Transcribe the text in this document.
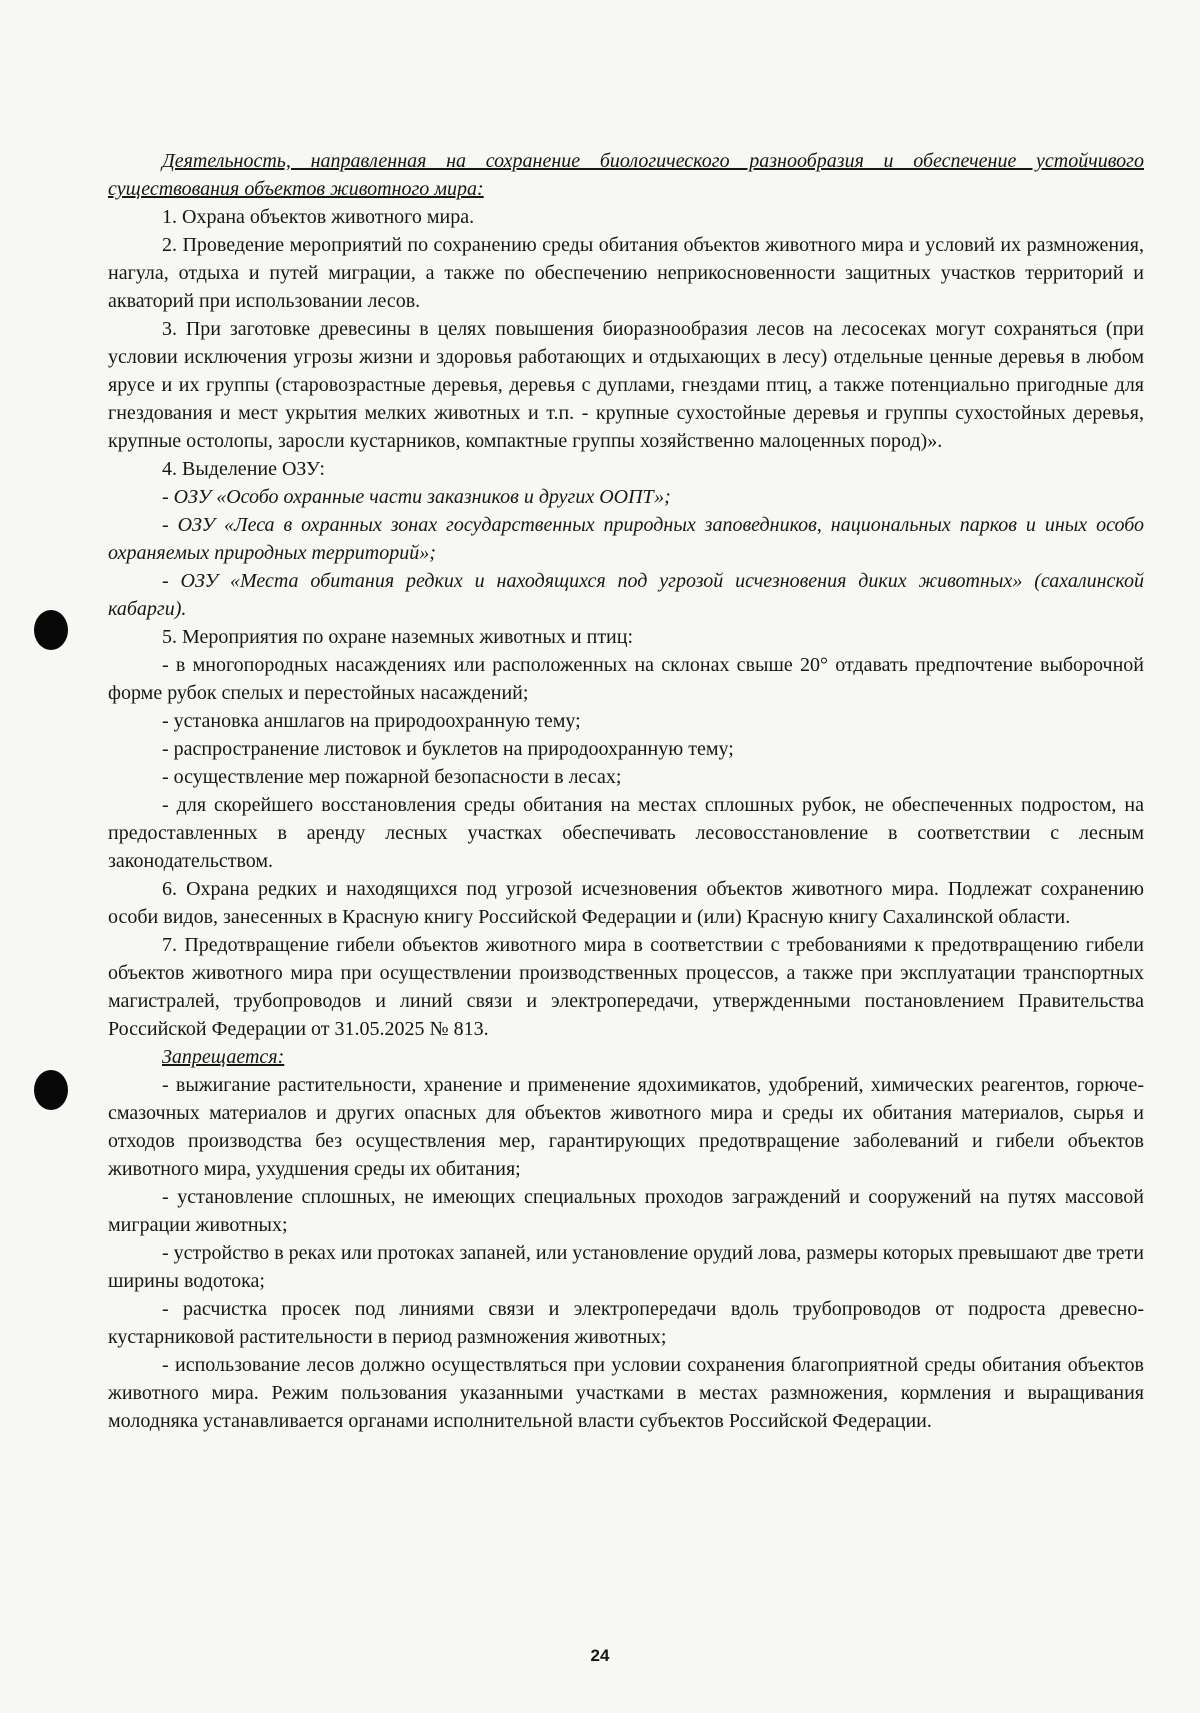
Деятельность, направленная на сохранение биологического разнообразия и обеспечение устойчивого существования объектов животного мира:

1. Охрана объектов животного мира.

2. Проведение мероприятий по сохранению среды обитания объектов животного мира и условий их размножения, нагула, отдыха и путей миграции, а также по обеспечению неприкосновенности защитных участков территорий и акваторий при использовании лесов.

3. При заготовке древесины в целях повышения биоразнообразия лесов на лесосеках могут сохраняться (при условии исключения угрозы жизни и здоровья работающих и отдыхающих в лесу) отдельные ценные деревья в любом ярусе и их группы (старовозрастные деревья, деревья с дуплами, гнездами птиц, а также потенциально пригодные для гнездования и мест укрытия мелких животных и т.п. - крупные сухостойные деревья и группы сухостойных деревья, крупные остолопы, заросли кустарников, компактные группы хозяйственно малоценных пород)».

4. Выделение ОЗУ:

- ОЗУ «Особо охранные части заказников и других ООПТ»;

- ОЗУ «Леса в охранных зонах государственных природных заповедников, национальных парков и иных особо охраняемых природных территорий»;

- ОЗУ «Места обитания редких и находящихся под угрозой исчезновения диких животных» (сахалинской кабарги).

5. Мероприятия по охране наземных животных и птиц:

- в многопородных насаждениях или расположенных на склонах свыше 20° отдавать предпочтение выборочной форме рубок спелых и перестойных насаждений;

- установка аншлагов на природоохранную тему;

- распространение листовок и буклетов на природоохранную тему;

- осуществление мер пожарной безопасности в лесах;

- для скорейшего восстановления среды обитания на местах сплошных рубок, не обеспеченных подростом, на предоставленных в аренду лесных участках обеспечивать лесовосстановление в соответствии с лесным законодательством.

6. Охрана редких и находящихся под угрозой исчезновения объектов животного мира. Подлежат сохранению особи видов, занесенных в Красную книгу Российской Федерации и (или) Красную книгу Сахалинской области.

7. Предотвращение гибели объектов животного мира в соответствии с требованиями к предотвращению гибели объектов животного мира при осуществлении производственных процессов, а также при эксплуатации транспортных магистралей, трубопроводов и линий связи и электропередачи, утвержденными постановлением Правительства Российской Федерации от 31.05.2025 № 813.

Запрещается:

- выжигание растительности, хранение и применение ядохимикатов, удобрений, химических реагентов, горюче-смазочных материалов и других опасных для объектов животного мира и среды их обитания материалов, сырья и отходов производства без осуществления мер, гарантирующих предотвращение заболеваний и гибели объектов животного мира, ухудшения среды их обитания;

- установление сплошных, не имеющих специальных проходов заграждений и сооружений на путях массовой миграции животных;

- устройство в реках или протоках запаней, или установление орудий лова, размеры которых превышают две трети ширины водотока;

- расчистка просек под линиями связи и электропередачи вдоль трубопроводов от подроста древесно-кустарниковой растительности в период размножения животных;

- использование лесов должно осуществляться при условии сохранения благоприятной среды обитания объектов животного мира. Режим пользования указанными участками в местах размножения, кормления и выращивания молодняка устанавливается органами исполнительной власти субъектов Российской Федерации.

24
